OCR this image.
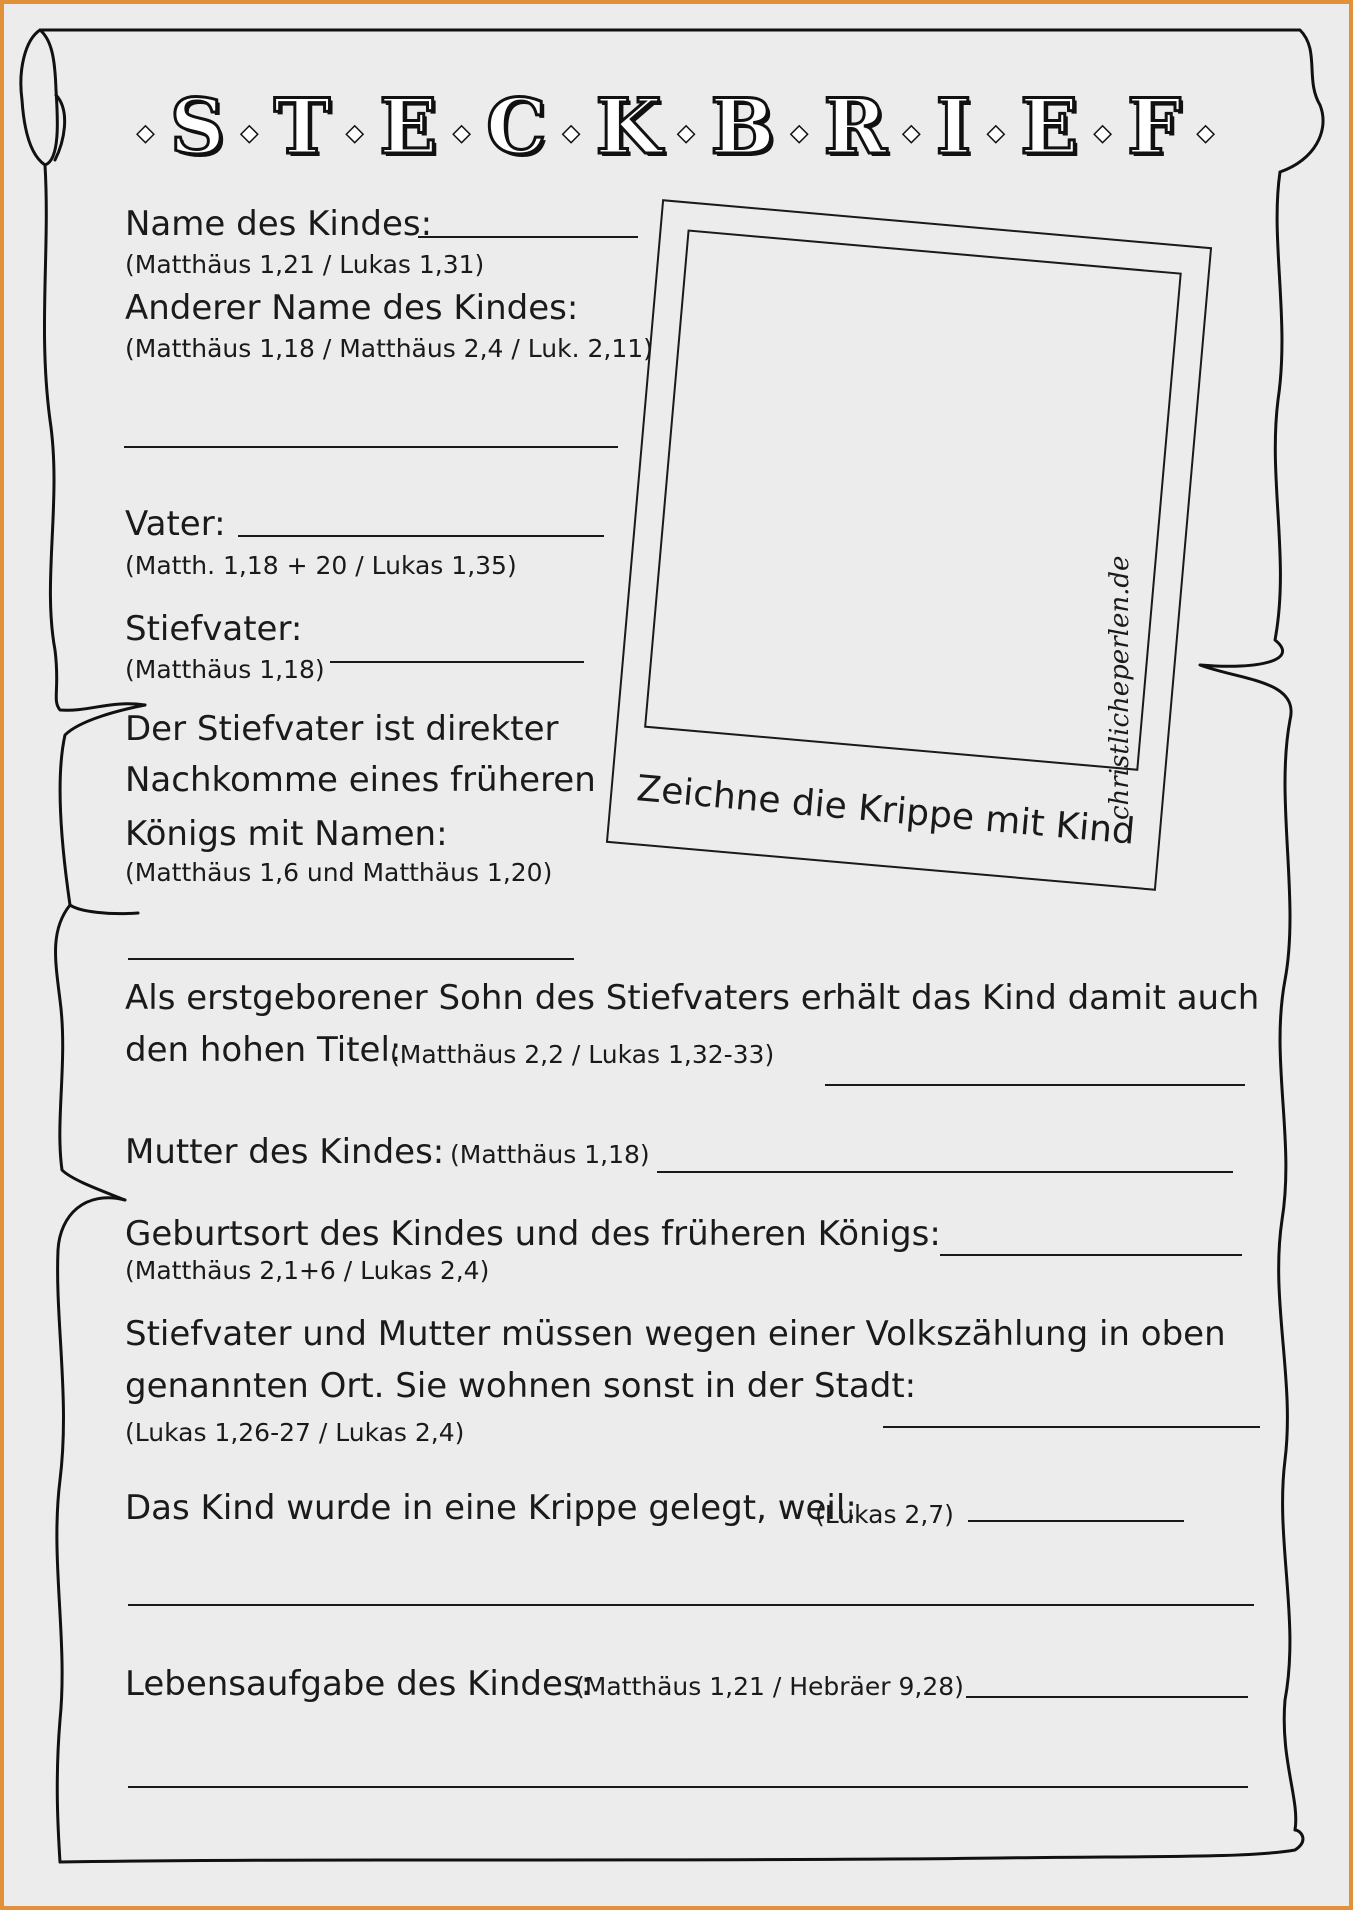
◆ S ◆ T ◆ E ◆ C ◆ K ◆ B ◆ R ◆ I ◆ E ◆ F ◆
Name des Kindes:
(Matthäus 1,21 / Lukas 1,31)
Anderer Name des Kindes:
(Matthäus 1,18 / Matthäus 2,4 / Luk. 2,11)
Vater:
(Matth. 1,18 + 20 / Lukas 1,35)
Stiefvater:
(Matthäus 1,18)
Der Stiefvater ist direkter
Nachkomme eines früheren
Königs mit Namen:
(Matthäus 1,6 und Matthäus 1,20)
Als erstgeborener Sohn des Stiefvaters erhält das Kind damit auch
den hohen Titel:
(Matthäus 2,2 / Lukas 1,32-33)
Mutter des Kindes: (Matthäus 1,18)
Geburtsort des Kindes und des früheren Königs:
(Matthäus 2,1+6 / Lukas 2,4)
Stiefvater und Mutter müssen wegen einer Volkszählung in oben
genannten Ort. Sie wohnen sonst in der Stadt:
(Lukas 1,26-27 / Lukas 2,4)
Das Kind wurde in eine Krippe gelegt, weil:
(Lukas 2,7)
Lebensaufgabe des Kindes:
(Matthäus 1,21 / Hebräer 9,28)
Zeichne die Krippe mit Kind
christlicheperlen.de
